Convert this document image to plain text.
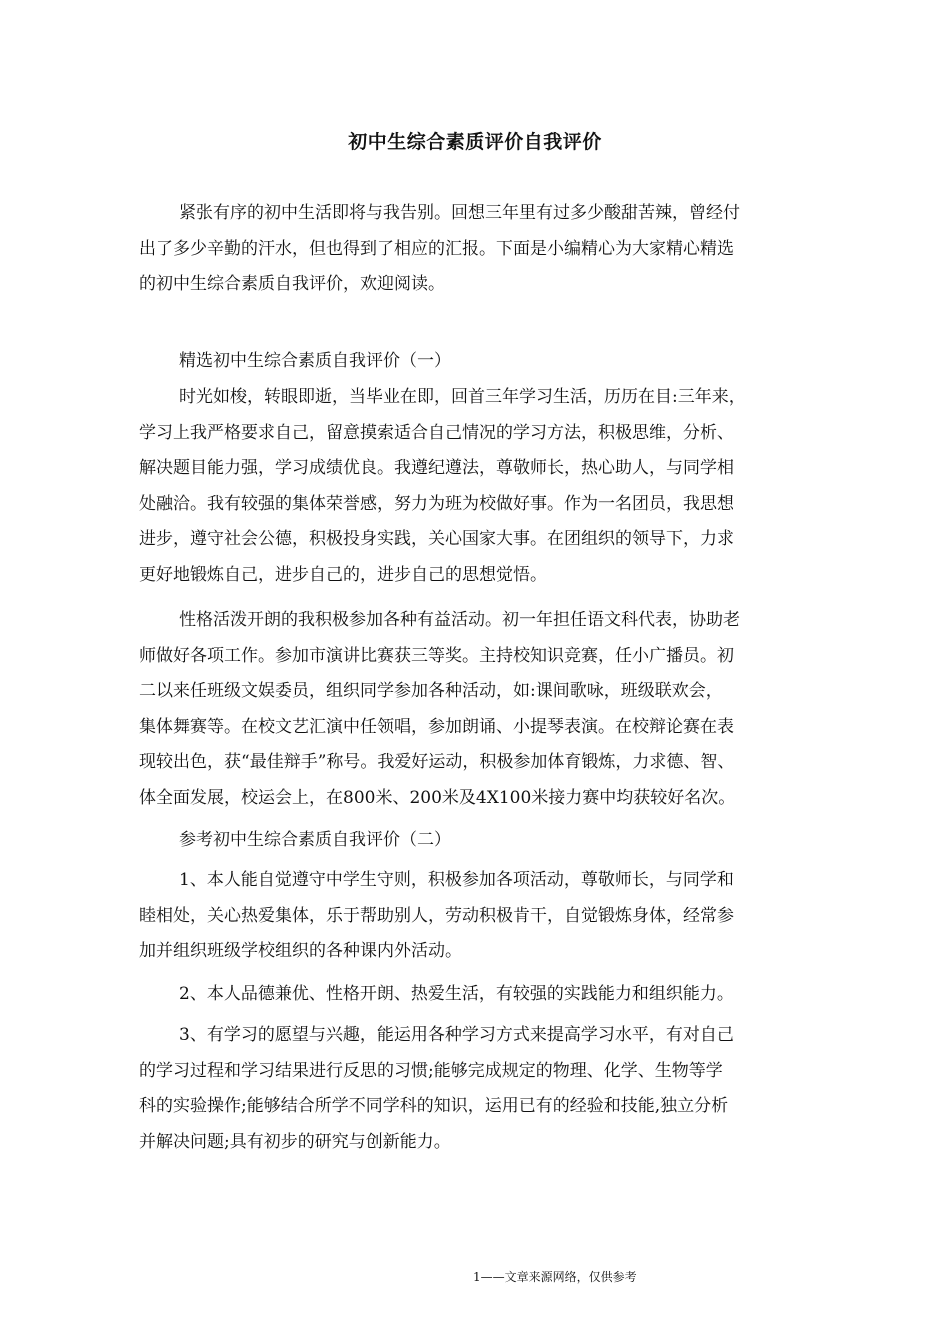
初中生综合素质评价自我评价
紧张有序的初中生活即将与我告别。回想三年里有过多少酸甜苦辣，曾经付
出了多少辛勤的汗水，但也得到了相应的汇报。下面是小编精心为大家精心精选
的初中生综合素质自我评价，欢迎阅读。
精选初中生综合素质自我评价（一）
时光如梭，转眼即逝，当毕业在即，回首三年学习生活，历历在目:三年来，
学习上我严格要求自己，留意摸索适合自己情况的学习方法，积极思维，分析、
解决题目能力强，学习成绩优良。我遵纪遵法，尊敬师长，热心助人，与同学相
处融洽。我有较强的集体荣誉感，努力为班为校做好事。作为一名团员，我思想
进步，遵守社会公德，积极投身实践，关心国家大事。在团组织的领导下，力求
更好地锻炼自己，进步自己的，进步自己的思想觉悟。
性格活泼开朗的我积极参加各种有益活动。初一年担任语文科代表，协助老
师做好各项工作。参加市演讲比赛获三等奖。主持校知识竞赛，任小广播员。初
二以来任班级文娱委员，组织同学参加各种活动，如:课间歌咏，班级联欢会，
集体舞赛等。在校文艺汇演中任领唱，参加朗诵、小提琴表演。在校辩论赛在表
现较出色，获“最佳辩手”称号。我爱好运动，积极参加体育锻炼，力求德、智、
体全面发展，校运会上，在800米、200米及4X100米接力赛中均获较好名次。
参考初中生综合素质自我评价（二）
1、本人能自觉遵守中学生守则，积极参加各项活动，尊敬师长，与同学和
睦相处，关心热爱集体，乐于帮助别人，劳动积极肯干，自觉锻炼身体，经常参
加并组织班级学校组织的各种课内外活动。
2、本人品德兼优、性格开朗、热爱生活，有较强的实践能力和组织能力。
3、有学习的愿望与兴趣，能运用各种学习方式来提高学习水平，有对自己
的学习过程和学习结果进行反思的习惯;能够完成规定的物理、化学、生物等学
科的实验操作;能够结合所学不同学科的知识，运用已有的经验和技能,独立分析
并解决问题;具有初步的研究与创新能力。
1——文章来源网络，仅供参考
